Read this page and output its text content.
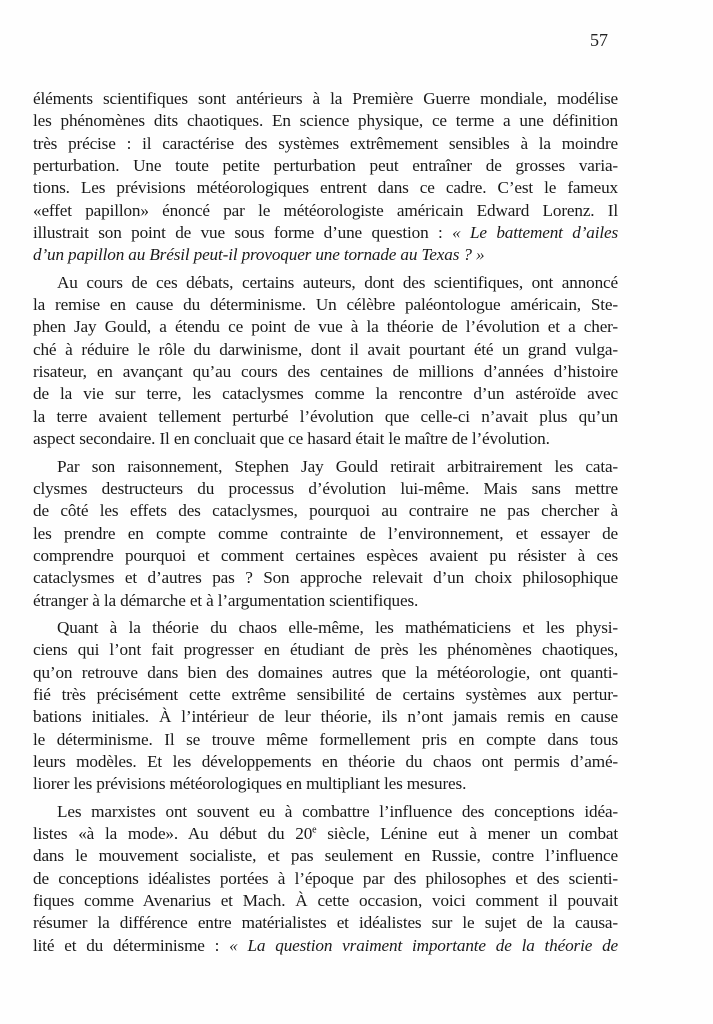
57
éléments scientifiques sont antérieurs à la Première Guerre mondiale, modélise
les phénomènes dits chaotiques. En science physique, ce terme a une définition
très précise : il caractérise des systèmes extrêmement sensibles à la moindre
perturbation. Une toute petite perturbation peut entraîner de grosses varia-
tions. Les prévisions météorologiques entrent dans ce cadre. C’est le fameux
«effet papillon» énoncé par le météorologiste américain Edward Lorenz. Il
illustrait son point de vue sous forme d’une question : « Le battement d’ailes
d’un papillon au Brésil peut-il provoquer une tornade au Texas ? »
Au cours de ces débats, certains auteurs, dont des scientifiques, ont annoncé
la remise en cause du déterminisme. Un célèbre paléontologue américain, Ste-
phen Jay Gould, a étendu ce point de vue à la théorie de l’évolution et a cher-
ché à réduire le rôle du darwinisme, dont il avait pourtant été un grand vulga-
risateur, en avançant qu’au cours des centaines de millions d’années d’histoire
de la vie sur terre, les cataclysmes comme la rencontre d’un astéroïde avec
la terre avaient tellement perturbé l’évolution que celle-ci n’avait plus qu’un
aspect secondaire. Il en concluait que ce hasard était le maître de l’évolution.
Par son raisonnement, Stephen Jay Gould retirait arbitrairement les cata-
clysmes destructeurs du processus d’évolution lui-même. Mais sans mettre
de côté les effets des cataclysmes, pourquoi au contraire ne pas chercher à
les prendre en compte comme contrainte de l’environnement, et essayer de
comprendre pourquoi et comment certaines espèces avaient pu résister à ces
cataclysmes et d’autres pas ? Son approche relevait d’un choix philosophique
étranger à la démarche et à l’argumentation scientifiques.
Quant à la théorie du chaos elle-même, les mathématiciens et les physi-
ciens qui l’ont fait progresser en étudiant de près les phénomènes chaotiques,
qu’on retrouve dans bien des domaines autres que la météorologie, ont quanti-
fié très précisément cette extrême sensibilité de certains systèmes aux pertur-
bations initiales. À l’intérieur de leur théorie, ils n’ont jamais remis en cause
le déterminisme. Il se trouve même formellement pris en compte dans tous
leurs modèles. Et les développements en théorie du chaos ont permis d’amé-
liorer les prévisions météorologiques en multipliant les mesures.
Les marxistes ont souvent eu à combattre l’influence des conceptions idéa-
listes «à la mode». Au début du 20e siècle, Lénine eut à mener un combat
dans le mouvement socialiste, et pas seulement en Russie, contre l’influence
de conceptions idéalistes portées à l’époque par des philosophes et des scienti-
fiques comme Avenarius et Mach. À cette occasion, voici comment il pouvait
résumer la différence entre matérialistes et idéalistes sur le sujet de la causa-
lité et du déterminisme : « La question vraiment importante de la théorie de
